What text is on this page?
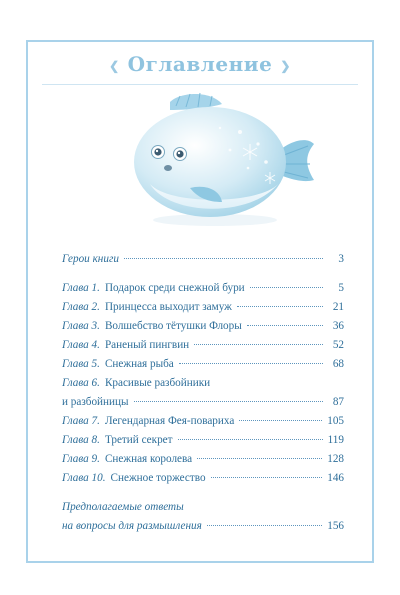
❮ Оглавление ❯
Герои книги	3
Глава 1. Подарок среди снежной бури	5
Глава 2. Принцесса выходит замуж	21
Глава 3. Волшебство тётушки Флоры	36
Глава 4. Раненый пингвин	52
Глава 5. Снежная рыба	68
Глава 6. Красивые разбойники
и разбойницы	87
Глава 7. Легендарная Фея-повариха	105
Глава 8. Третий секрет	119
Глава 9. Снежная королева	128
Глава 10. Снежное торжество	146
Предполагаемые ответы
на вопросы для размышления	156
